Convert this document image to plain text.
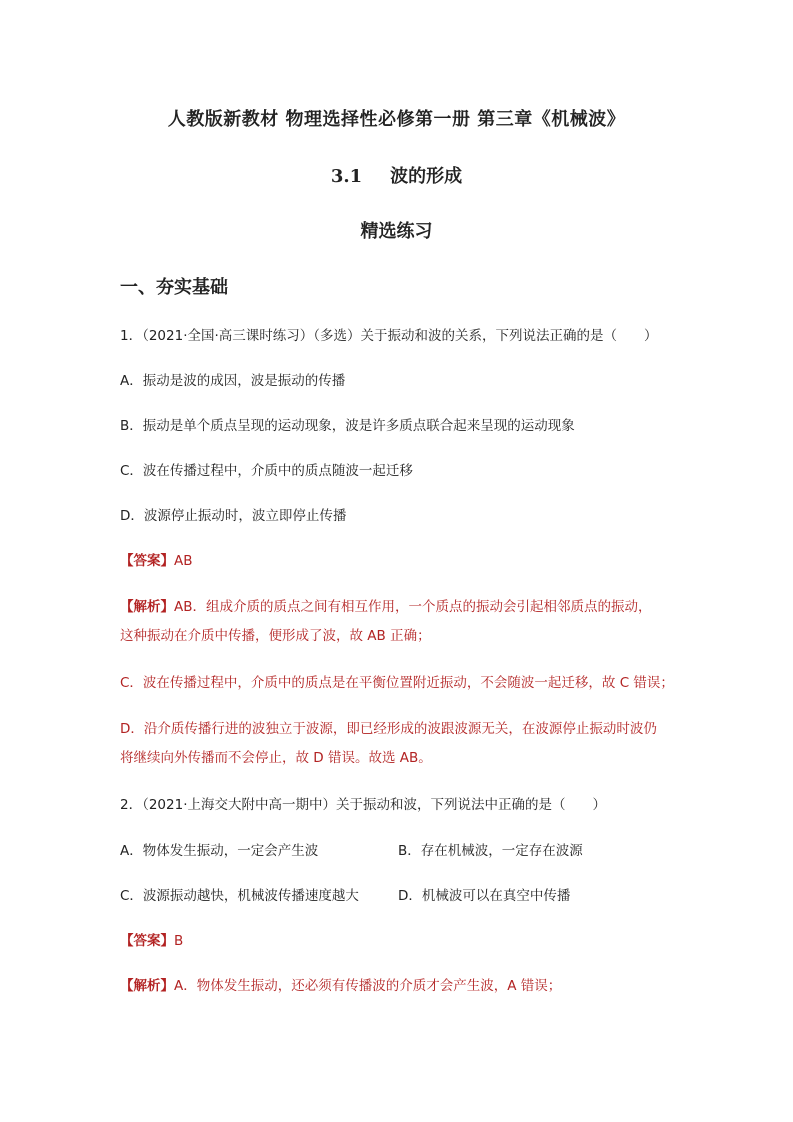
人教版新教材 物理选择性必修第一册 第三章《机械波》
3.1 波的形成
精选练习
一、夯实基础
1．（2021·全国·高三课时练习）（多选）关于振动和波的关系，下列说法正确的是（　　）
A．振动是波的成因，波是振动的传播
B．振动是单个质点呈现的运动现象，波是许多质点联合起来呈现的运动现象
C．波在传播过程中，介质中的质点随波一起迁移
D．波源停止振动时，波立即停止传播
【答案】AB
【解析】AB．组成介质的质点之间有相互作用，一个质点的振动会引起相邻质点的振动，
这种振动在介质中传播，便形成了波，故 AB 正确；
C．波在传播过程中，介质中的质点是在平衡位置附近振动，不会随波一起迁移，故 C 错误；
D．沿介质传播行进的波独立于波源，即已经形成的波跟波源无关，在波源停止振动时波仍
将继续向外传播而不会停止，故 D 错误。故选 AB。
2．（2021·上海交大附中高一期中）关于振动和波，下列说法中正确的是（　　）
A．物体发生振动，一定会产生波	B．存在机械波，一定存在波源
C．波源振动越快，机械波传播速度越大	D．机械波可以在真空中传播
【答案】B
【解析】A．物体发生振动，还必须有传播波的介质才会产生波，A 错误；
